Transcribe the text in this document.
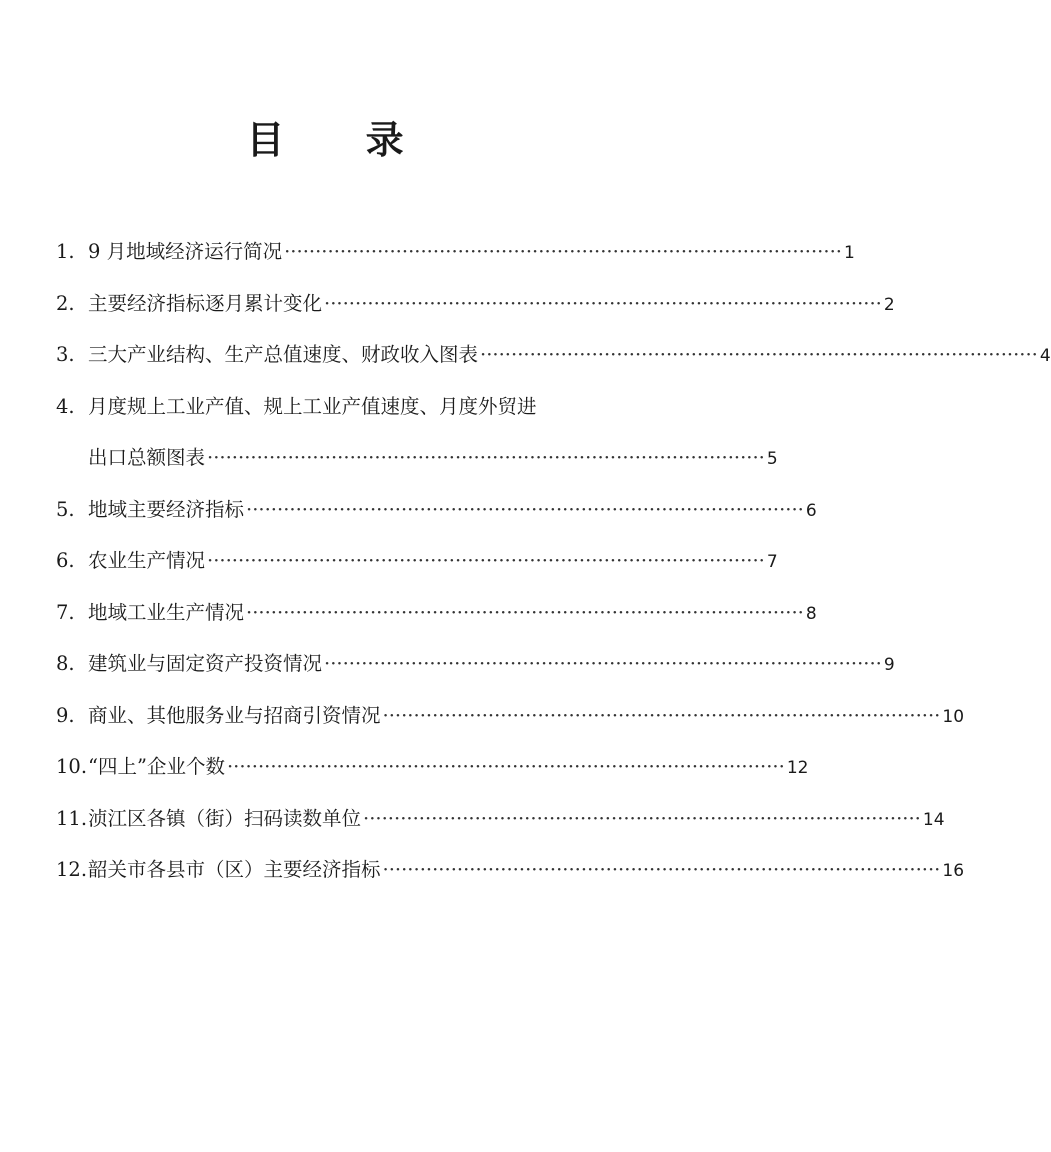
目 录
1. 9 月地域经济运行简况 ·························································································· 1
2. 主要经济指标逐月累计变化 ·························································································· 2
3. 三大产业结构、生产总值速度、财政收入图表 ·························································································· 4
4. 月度规上工业产值、规上工业产值速度、月度外贸进
出口总额图表 ·························································································· 5
5. 地域主要经济指标 ·························································································· 6
6. 农业生产情况 ·························································································· 7
7. 地域工业生产情况 ·························································································· 8
8. 建筑业与固定资产投资情况 ·························································································· 9
9. 商业、其他服务业与招商引资情况 ·························································································· 10
10. “四上”企业个数 ·························································································· 12
11. 浈江区各镇（街）扫码读数单位 ·························································································· 14
12. 韶关市各县市（区）主要经济指标 ·························································································· 16
